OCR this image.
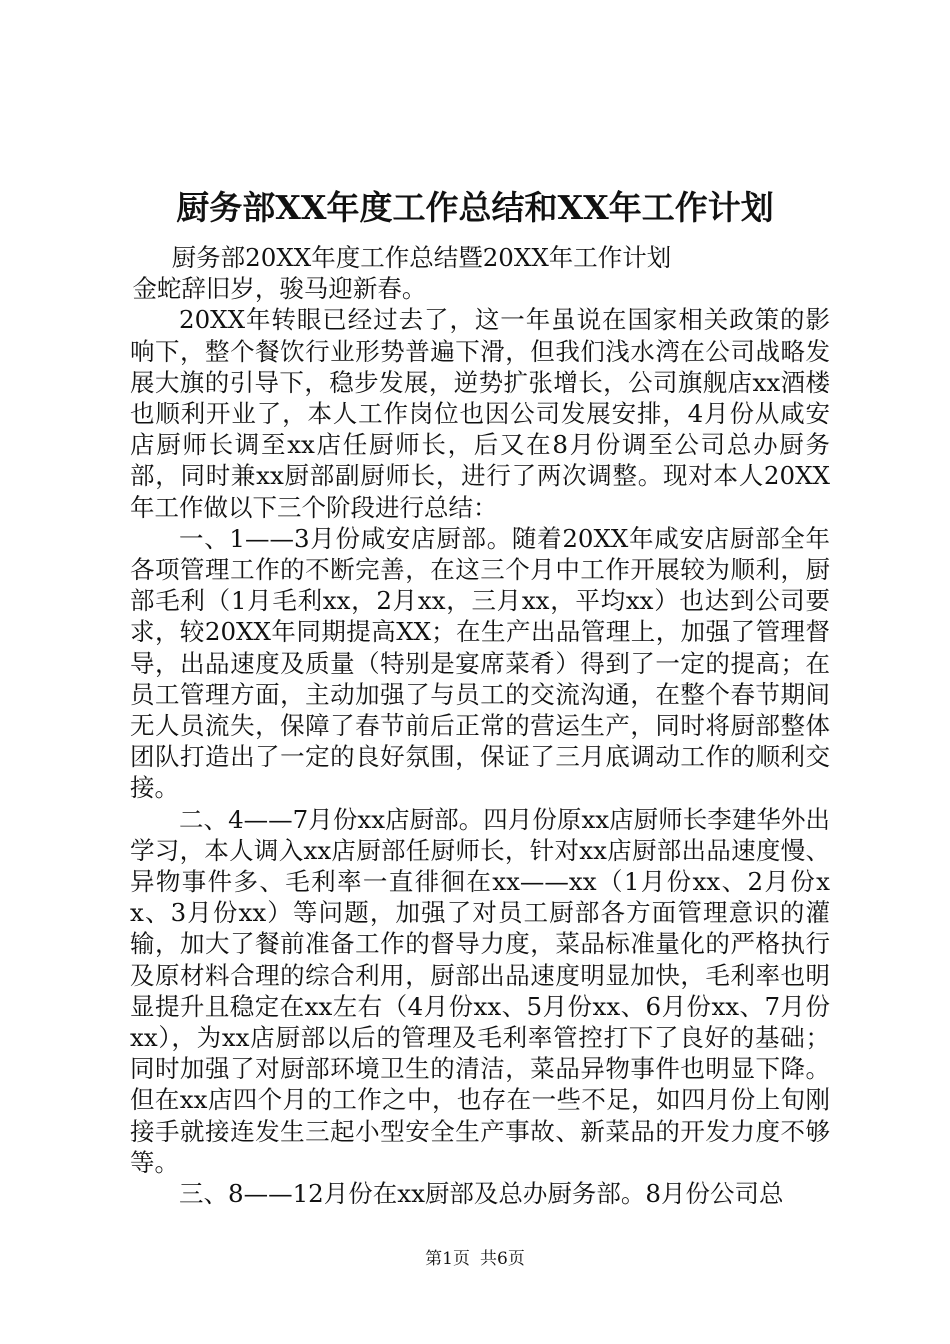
厨务部XX年度工作总结和XX年工作计划

厨务部20XX年度工作总结暨20XX年工作计划

金蛇辞旧岁，骏马迎新春。

20XX年转眼已经过去了，这一年虽说在国家相关政策的影响下，整个餐饮行业形势普遍下滑，但我们浅水湾在公司战略发展大旗的引导下，稳步发展，逆势扩张增长，公司旗舰店xx酒楼也顺利开业了，本人工作岗位也因公司发展安排，4月份从咸安店厨师长调至xx店任厨师长，后又在8月份调至公司总办厨务部，同时兼xx厨部副厨师长，进行了两次调整。现对本人20XX年工作做以下三个阶段进行总结：

一、1——3月份咸安店厨部。随着20XX年咸安店厨部全年各项管理工作的不断完善，在这三个月中工作开展较为顺利，厨部毛利（1月毛利xx，2月xx，三月xx，平均xx）也达到公司要求，较20XX年同期提高XX；在生产出品管理上，加强了管理督导，出品速度及质量（特别是宴席菜肴）得到了一定的提高；在员工管理方面，主动加强了与员工的交流沟通，在整个春节期间无人员流失，保障了春节前后正常的营运生产，同时将厨部整体团队打造出了一定的良好氛围，保证了三月底调动工作的顺利交接。

二、4——7月份xx店厨部。四月份原xx店厨师长李建华外出学习，本人调入xx店厨部任厨师长，针对xx店厨部出品速度慢、异物事件多、毛利率一直徘徊在xx——xx（1月份xx、2月份xx、3月份xx）等问题，加强了对员工厨部各方面管理意识的灌输，加大了餐前准备工作的督导力度，菜品标准量化的严格执行及原材料合理的综合利用，厨部出品速度明显加快，毛利率也明显提升且稳定在xx左右（4月份xx、5月份xx、6月份xx、7月份xx），为xx店厨部以后的管理及毛利率管控打下了良好的基础；同时加强了对厨部环境卫生的清洁，菜品异物事件也明显下降。但在xx店四个月的工作之中，也存在一些不足，如四月份上旬刚接手就接连发生三起小型安全生产事故、新菜品的开发力度不够等。

三、8——12月份在xx厨部及总办厨务部。8月份公司总

第1页 共6页
